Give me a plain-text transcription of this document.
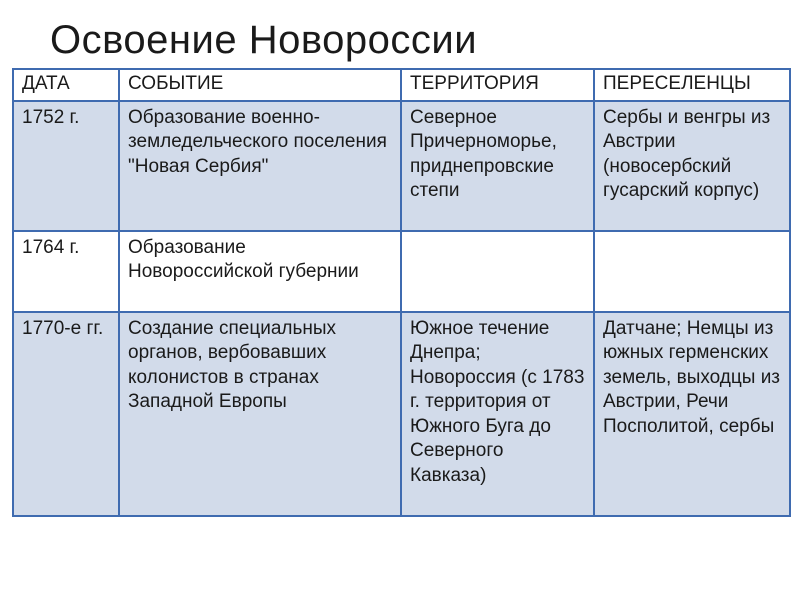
Освоение Новороссии
ДАТА	СОБЫТИЕ	ТЕРРИТОРИЯ	ПЕРЕСЕЛЕНЦЫ
1752 г.	Образование военно-земледельческого поселения "Новая Сербия"	Северное Причерноморье, приднепровские степи	Сербы и венгры из Австрии (новосербский гусарский корпус)
1764 г.	Образование Новороссийской губернии		
1770-е гг.	Создание специальных органов, вербовавших колонистов в странах Западной Европы	Южное течение Днепра; Новороссия (с 1783 г. территория от Южного Буга до Северного Кавказа)	Датчане; Немцы из южных герменских земель, выходцы из Австрии, Речи Посполитой, сербы
